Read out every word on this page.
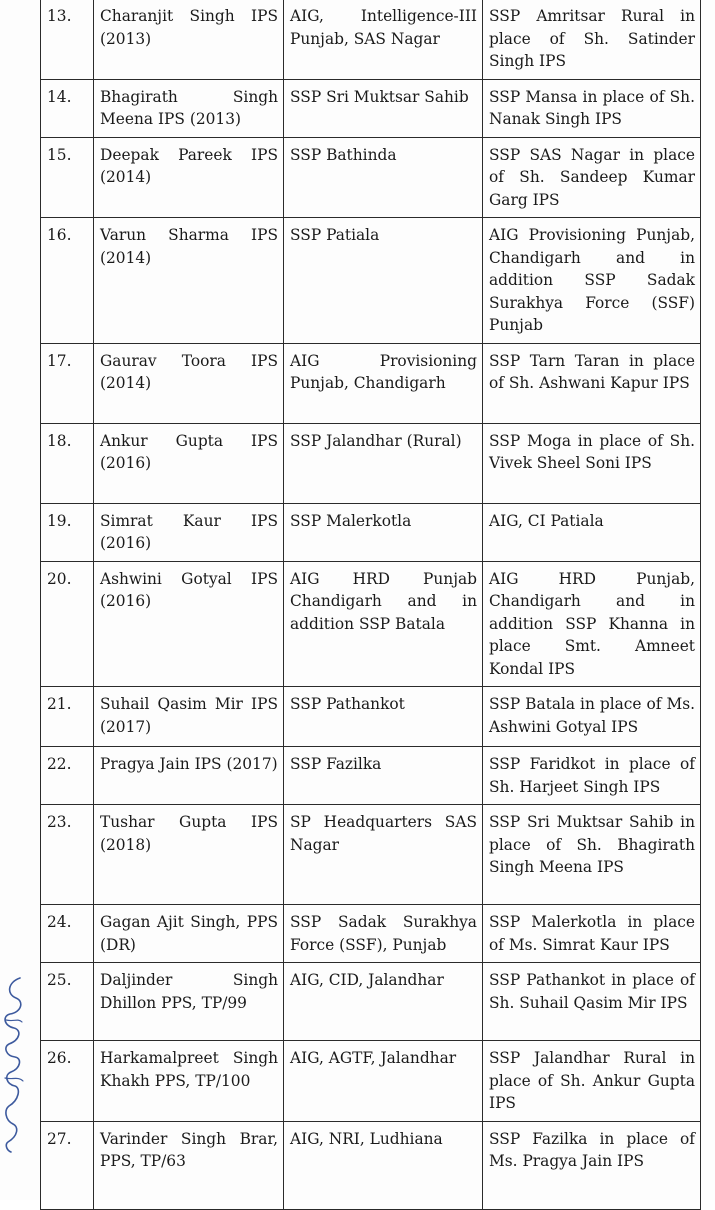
13.	Charanjit Singh IPS (2013)	AIG, Intelligence-III Punjab, SAS Nagar	SSP Amritsar Rural in place of Sh. Satinder Singh IPS
14.	Bhagirath Singh Meena IPS (2013)	SSP Sri Muktsar Sahib	SSP Mansa in place of Sh. Nanak Singh IPS
15.	Deepak Pareek IPS (2014)	SSP Bathinda	SSP SAS Nagar in place of Sh. Sandeep Kumar Garg IPS
16.	Varun Sharma IPS (2014)	SSP Patiala	AIG Provisioning Punjab, Chandigarh and in addition SSP Sadak Surakhya Force (SSF) Punjab
17.	Gaurav Toora IPS (2014)	AIG Provisioning Punjab, Chandigarh	SSP Tarn Taran in place of Sh. Ashwani Kapur IPS
18.	Ankur Gupta IPS (2016)	SSP Jalandhar (Rural)	SSP Moga in place of Sh. Vivek Sheel Soni IPS
19.	Simrat Kaur IPS (2016)	SSP Malerkotla	AIG, CI Patiala
20.	Ashwini Gotyal IPS (2016)	AIG HRD Punjab Chandigarh and in addition SSP Batala	AIG HRD Punjab, Chandigarh and in addition SSP Khanna in place Smt. Amneet Kondal IPS
21.	Suhail Qasim Mir IPS (2017)	SSP Pathankot	SSP Batala in place of Ms. Ashwini Gotyal IPS
22.	Pragya Jain IPS (2017)	SSP Fazilka	SSP Faridkot in place of Sh. Harjeet Singh IPS
23.	Tushar Gupta IPS (2018)	SP Headquarters SAS Nagar	SSP Sri Muktsar Sahib in place of Sh. Bhagirath Singh Meena IPS
24.	Gagan Ajit Singh, PPS (DR)	SSP Sadak Surakhya Force (SSF), Punjab	SSP Malerkotla in place of Ms. Simrat Kaur IPS
25.	Daljinder Singh Dhillon PPS, TP/99	AIG, CID, Jalandhar	SSP Pathankot in place of Sh. Suhail Qasim Mir IPS
26.	Harkamalpreet Singh Khakh PPS, TP/100	AIG, AGTF, Jalandhar	SSP Jalandhar Rural in place of Sh. Ankur Gupta IPS
27.	Varinder Singh Brar, PPS, TP/63	AIG, NRI, Ludhiana	SSP Fazilka in place of Ms. Pragya Jain IPS
